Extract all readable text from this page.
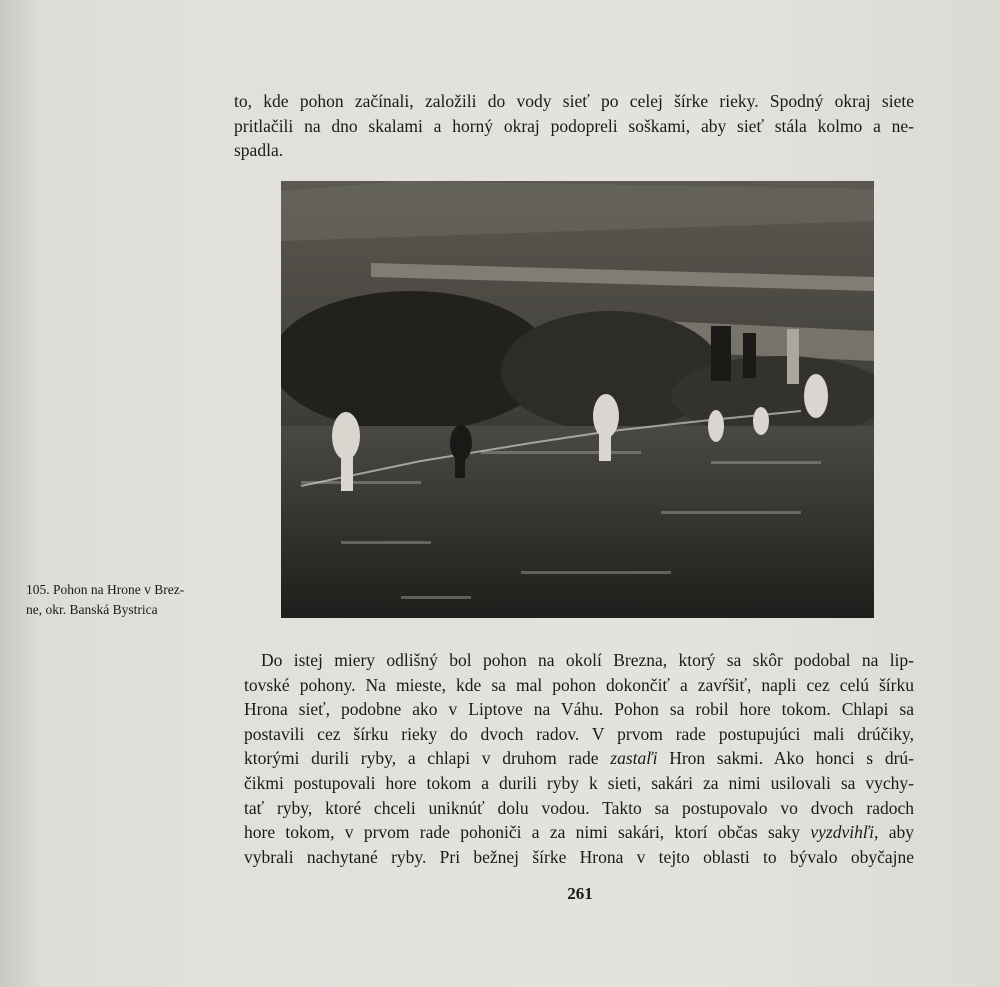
to, kde pohon začínali, založili do vody sieť po celej šírke rieky. Spodný okraj siete
pritlačili na dno skalami a horný okraj podopreli soškami, aby sieť stála kolmo a ne-
spadla.

105. Pohon na Hrone v Brez-
ne, okr. Banská Bystrica

Do istej miery odlišný bol pohon na okolí Brezna, ktorý sa skôr podobal na lip-
tovské pohony. Na mieste, kde sa mal pohon dokončiť a zavŕšiť, napli cez celú šírku
Hrona sieť, podobne ako v Liptove na Váhu. Pohon sa robil hore tokom. Chlapi sa
postavili cez šírku rieky do dvoch radov. V prvom rade postupujúci mali drúčiky,
ktorými durili ryby, a chlapi v druhom rade zastaľi Hron sakmi. Ako honci s drú-
čikmi postupovali hore tokom a durili ryby k sieti, sakári za nimi usilovali sa vychy-
tať ryby, ktoré chceli uniknúť dolu vodou. Takto sa postupovalo vo dvoch radoch
hore tokom, v prvom rade pohoniči a za nimi sakári, ktorí občas saky vyzdvihľi, aby
vybrali nachytané ryby. Pri bežnej šírke Hrona v tejto oblasti to bývalo obyčajne

261
